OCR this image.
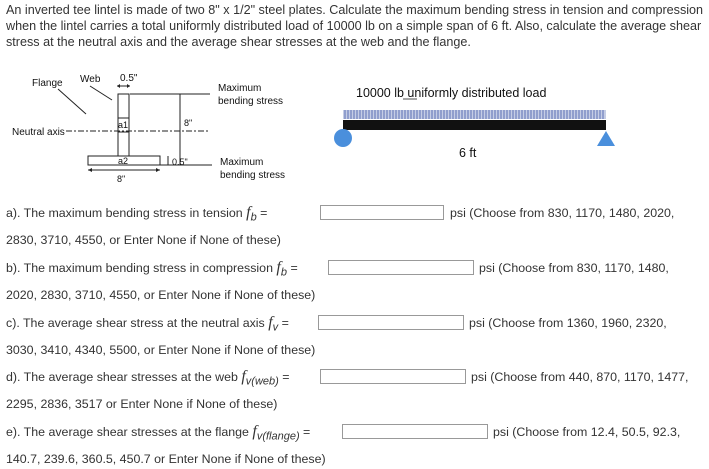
An inverted tee lintel is made of two 8" x 1/2" steel plates. Calculate the maximum bending stress in tension and compression when the lintel carries a total uniformly distributed load of 10000 lb on a simple span of 6 ft. Also, calculate the average shear stress at the neutral axis and the average shear stresses at the web and the flange.

Flange Web 0.5"
a1
a2
8"
Neutral axis
0.5"
8"
Maximum
bending stress
Maximum
bending stress
10000 lb uniformly distributed load
6 ft
a). The maximum bending stress in tension $f_b$ =	psi (Choose from 830, 1170, 1480, 2020,
2830, 3710, 4550, or Enter None if None of these)
b). The maximum bending stress in compression $f_b$ =	psi (Choose from 830, 1170, 1480,
2020, 2830, 3710, 4550, or Enter None if None of these)
c). The average shear stress at the neutral axis $f_v$ =	psi (Choose from 1360, 1960, 2320,
3030, 3410, 4340, 5500, or Enter None if None of these)
d). The average shear stresses at the web $f_{v(web)}$ =	psi (Choose from 440, 870, 1170, 1477,
2295, 2836, 3517 or Enter None if None of these)
e). The average shear stresses at the flange $f_{v(flange)}$ =	psi (Choose from 12.4, 50.5, 92.3,
140.7, 239.6, 360.5, 450.7 or Enter None if None of these)
